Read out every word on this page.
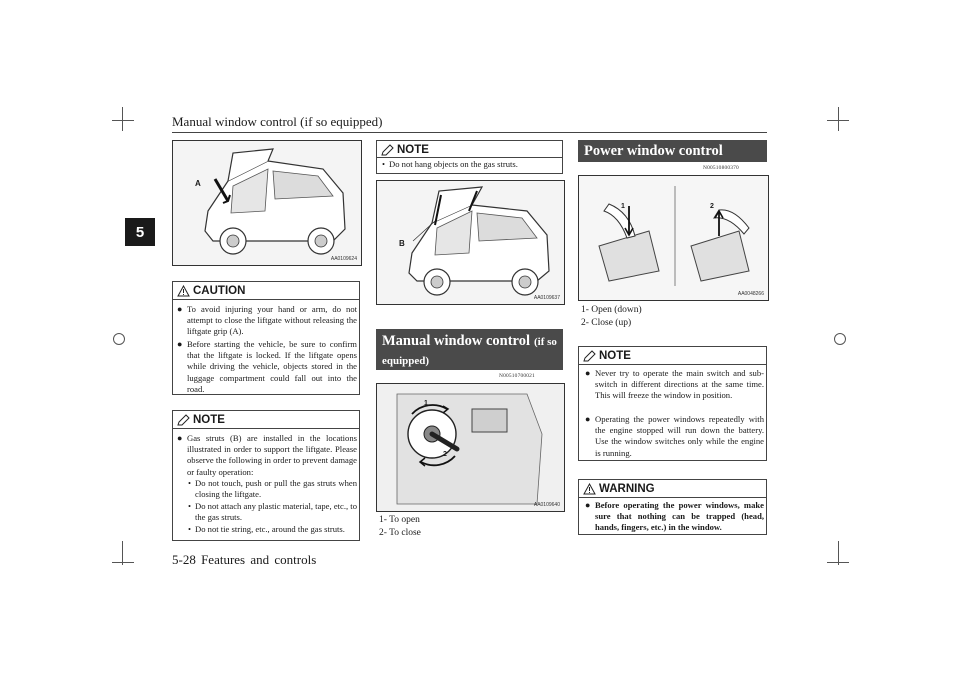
Manual window control (if so equipped)
5
A
AA0109624
CAUTION
● To avoid injuring your hand or arm, do not attempt to close the liftgate without releasing the liftgate grip (A).
● Before starting the vehicle, be sure to confirm that the liftgate is locked. If the liftgate opens while driving the vehicle, objects stored in the luggage compartment could fall out into the road.
NOTE
● Gas struts (B) are installed in the locations illustrated in order to support the liftgate. Please observe the following in order to prevent damage or faulty operation:
• Do not touch, push or pull the gas struts when closing the liftgate.
• Do not attach any plastic material, tape, etc., to the gas struts.
• Do not tie string, etc., around the gas struts.
NOTE
• Do not hang objects on the gas struts.
B
AA0109637
Manual window control (if so equipped)
N00510700021
1
2
AA0109640
1- To open
2- To close
Power window control
N00510800370
1	2
AA0048266
1- Open (down)
2- Close (up)
NOTE
● Never try to operate the main switch and sub-switch in different directions at the same time. This will freeze the window in position.
● Operating the power windows repeatedly with the engine stopped will run down the battery. Use the window switches only while the engine is running.
WARNING
● Before operating the power windows, make sure that nothing can be trapped (head, hands, fingers, etc.) in the window.
5-28 Features and controls
